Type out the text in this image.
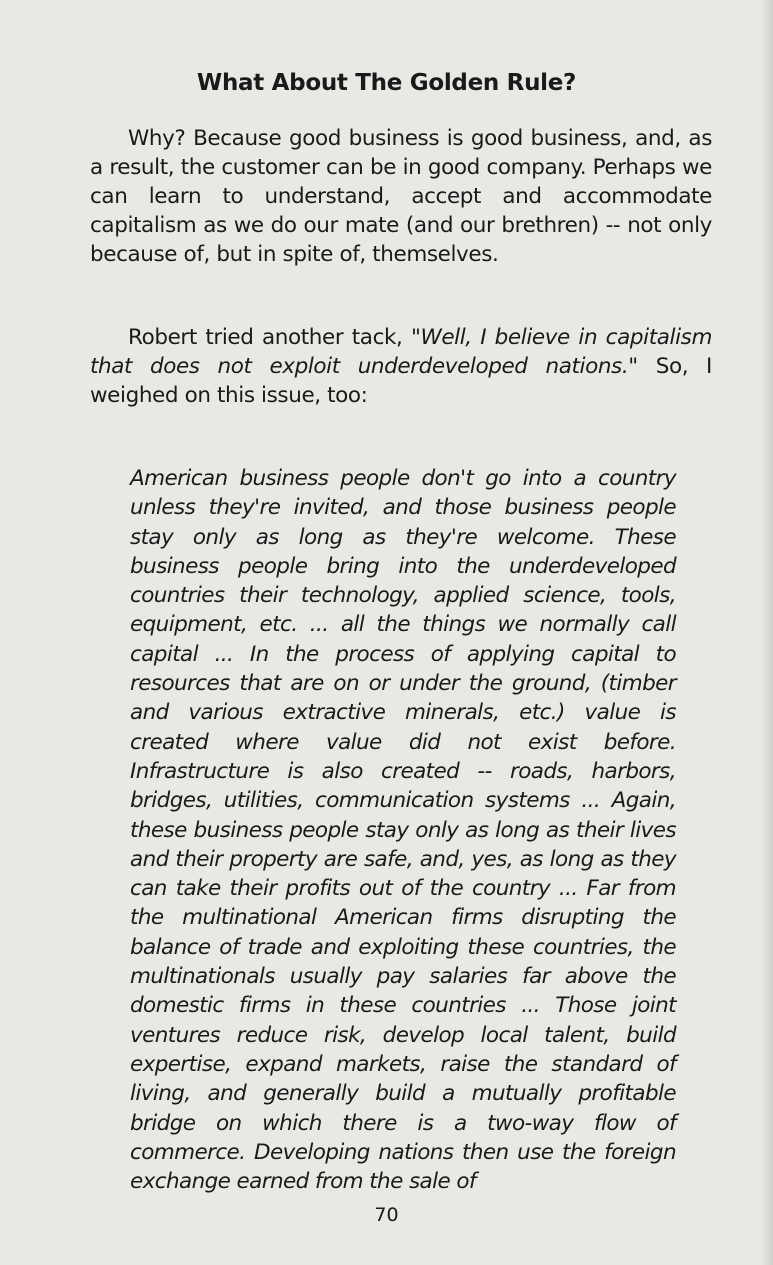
What About The Golden Rule?

Why? Because good business is good business, and, as a result, the customer can be in good company. Perhaps we can learn to understand, accept and accommodate capitalism as we do our mate (and our brethren) -- not only because of, but in spite of, themselves.

Robert tried another tack, "Well, I believe in capitalism that does not exploit underdeveloped nations." So, I weighed on this issue, too:

American business people don't go into a country unless they're invited, and those business people stay only as long as they're welcome. These business people bring into the underdeveloped countries their technology, applied science, tools, equipment, etc. ... all the things we normally call capital ... In the process of applying capital to resources that are on or under the ground, (timber and various extractive minerals, etc.) value is created where value did not exist before. Infrastructure is also created -- roads, harbors, bridges, utilities, communication systems ... Again, these business people stay only as long as their lives and their property are safe, and, yes, as long as they can take their profits out of the country ... Far from the multinational American firms disrupting the balance of trade and exploiting these countries, the multinationals usually pay salaries far above the domestic firms in these countries ... Those joint ventures reduce risk, develop local talent, build expertise, expand markets, raise the standard of living, and generally build a mutually profitable bridge on which there is a two-way flow of commerce. Developing nations then use the foreign exchange earned from the sale of

70
